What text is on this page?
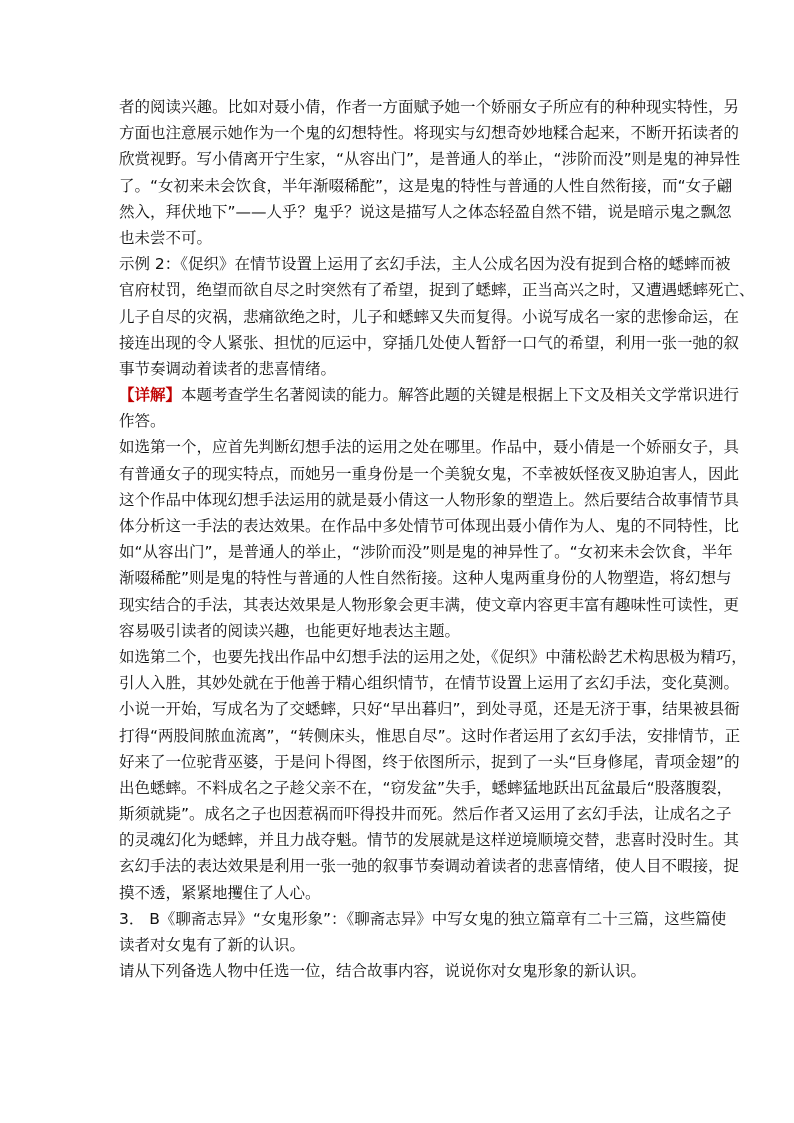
者的阅读兴趣。比如对聂小倩，作者一方面赋予她一个娇丽女子所应有的种种现实特性，另
方面也注意展示她作为一个鬼的幻想特性。将现实与幻想奇妙地糅合起来，不断开拓读者的
欣赏视野。写小倩离开宁生家，“从容出门”，是普通人的举止，“涉阶而没”则是鬼的神异性
了。“女初来未会饮食，半年渐啜稀酡”，这是鬼的特性与普通的人性自然衔接，而“女子翩
然入，拜伏地下”——人乎？鬼乎？说这是描写人之体态轻盈自然不错，说是暗示鬼之飘忽
也未尝不可。
示例 2：《促织》在情节设置上运用了玄幻手法，主人公成名因为没有捉到合格的蟋蟀而被
官府杖罚，绝望而欲自尽之时突然有了希望，捉到了蟋蟀，正当高兴之时，又遭遇蟋蟀死亡、
儿子自尽的灾祸，悲痛欲绝之时，儿子和蟋蟀又失而复得。小说写成名一家的悲惨命运，在
接连出现的令人紧张、担忧的厄运中，穿插几处使人暂舒一口气的希望，利用一张一弛的叙
事节奏调动着读者的悲喜情绪。
【详解】本题考查学生名著阅读的能力。解答此题的关键是根据上下文及相关文学常识进行
作答。
如选第一个，应首先判断幻想手法的运用之处在哪里。作品中，聂小倩是一个娇丽女子，具
有普通女子的现实特点，而她另一重身份是一个美貌女鬼，不幸被妖怪夜叉胁迫害人，因此
这个作品中体现幻想手法运用的就是聂小倩这一人物形象的塑造上。然后要结合故事情节具
体分析这一手法的表达效果。在作品中多处情节可体现出聂小倩作为人、鬼的不同特性，比
如“从容出门”，是普通人的举止，“涉阶而没”则是鬼的神异性了。“女初来未会饮食，半年
渐啜稀酡”则是鬼的特性与普通的人性自然衔接。这种人鬼两重身份的人物塑造，将幻想与
现实结合的手法，其表达效果是人物形象会更丰满，使文章内容更丰富有趣味性可读性，更
容易吸引读者的阅读兴趣，也能更好地表达主题。
如选第二个，也要先找出作品中幻想手法的运用之处，《促织》中蒲松龄艺术构思极为精巧，
引人入胜，其妙处就在于他善于精心组织情节，在情节设置上运用了玄幻手法，变化莫测。
小说一开始，写成名为了交蟋蟀，只好“早出暮归”，到处寻觅，还是无济于事，结果被县衙
打得“两股间脓血流离”，“转侧床头，惟思自尽”。这时作者运用了玄幻手法，安排情节，正
好来了一位驼背巫婆，于是问卜得图，终于依图所示，捉到了一头“巨身修尾，青项金翅”的
出色蟋蟀。不料成名之子趁父亲不在，“窃发盆”失手，蟋蟀猛地跃出瓦盆最后“股落腹裂，
斯须就毙”。成名之子也因惹祸而吓得投井而死。然后作者又运用了玄幻手法，让成名之子
的灵魂幻化为蟋蟀，并且力战夺魁。情节的发展就是这样逆境顺境交替，悲喜时没时生。其
玄幻手法的表达效果是利用一张一弛的叙事节奏调动着读者的悲喜情绪，使人目不暇接，捉
摸不透，紧紧地攫住了人心。
3． B《聊斋志异》“女鬼形象”：《聊斋志异》中写女鬼的独立篇章有二十三篇，这些篇使
读者对女鬼有了新的认识。
请从下列备选人物中任选一位，结合故事内容，说说你对女鬼形象的新认识。
